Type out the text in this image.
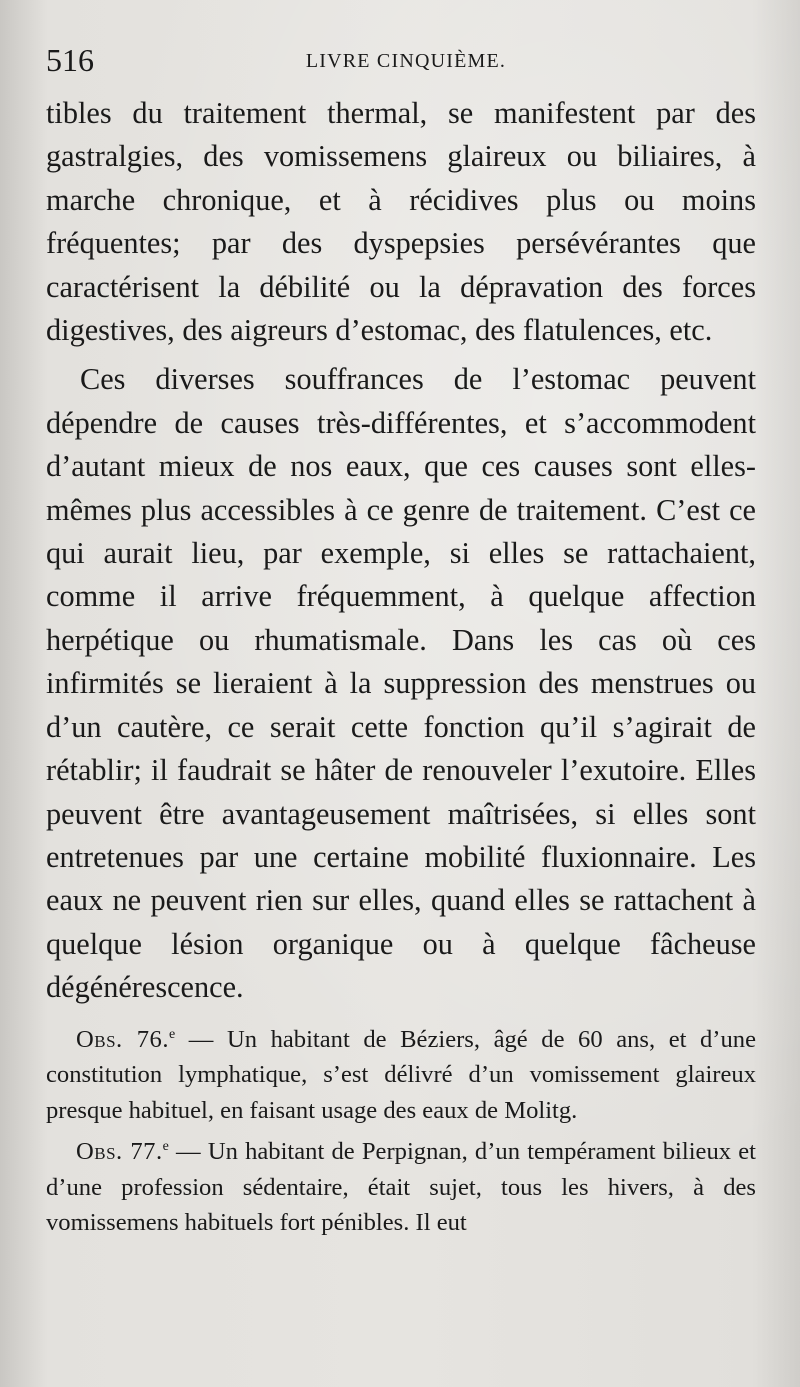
516	LIVRE CINQUIÈME.

tibles du traitement thermal, se manifestent par des gastralgies, des vomissemens glaireux ou biliaires, à marche chronique, et à récidives plus ou moins fréquentes; par des dyspepsies persévérantes que caractérisent la débilité ou la dépravation des forces digestives, des aigreurs d’estomac, des flatulences, etc.

Ces diverses souffrances de l’estomac peuvent dépendre de causes très-différentes, et s’accommodent d’autant mieux de nos eaux, que ces causes sont elles-mêmes plus accessibles à ce genre de traitement. C’est ce qui aurait lieu, par exemple, si elles se rattachaient, comme il arrive fréquemment, à quelque affection herpétique ou rhumatismale. Dans les cas où ces infirmités se lieraient à la suppression des menstrues ou d’un cautère, ce serait cette fonction qu’il s’agirait de rétablir; il faudrait se hâter de renouveler l’exutoire. Elles peuvent être avantageusement maîtrisées, si elles sont entretenues par une certaine mobilité fluxionnaire. Les eaux ne peuvent rien sur elles, quand elles se rattachent à quelque lésion organique ou à quelque fâcheuse dégénérescence.

Obs. 76.$^e$ — Un habitant de Béziers, âgé de 60 ans, et d’une constitution lymphatique, s’est délivré d’un vomissement glaireux presque habituel, en faisant usage des eaux de Molitg.

Obs. 77.$^e$ — Un habitant de Perpignan, d’un tempérament bilieux et d’une profession sédentaire, était sujet, tous les hivers, à des vomissemens habituels fort pénibles. Il eut
